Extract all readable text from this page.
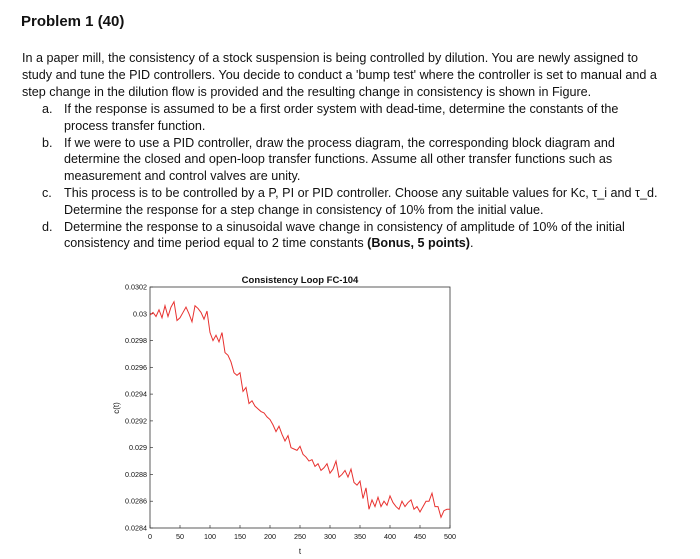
Problem 1 (40)

In a paper mill, the consistency of a stock suspension is being controlled by dilution. You are newly assigned to study and tune the PID controllers. You decide to conduct a 'bump test' where the controller is set to manual and a step change in the dilution flow is provided and the resulting change in consistency is shown in Figure.

a. If the response is assumed to be a first order system with dead-time, determine the constants of the process transfer function.
b. If we were to use a PID controller, draw the process diagram, the corresponding block diagram and determine the closed and open-loop transfer functions. Assume all other transfer functions such as measurement and control valves are unity.
c. This process is to be controlled by a P, PI or PID controller. Choose any suitable values for Kc, τ_i and τ_d. Determine the response for a step change in consistency of 10% from the initial value.
d. Determine the response to a sinusoidal wave change in consistency of amplitude of 10% of the initial consistency and time period equal to 2 time constants (Bonus, 5 points).
Consistency Loop FC-104
0	50	100	150	200	250	300	350	400	450	500
0.0284
0.0286
0.0288
0.029
0.0292
0.0294
0.0296
0.0298
0.03
0.0302
c(t)
t
